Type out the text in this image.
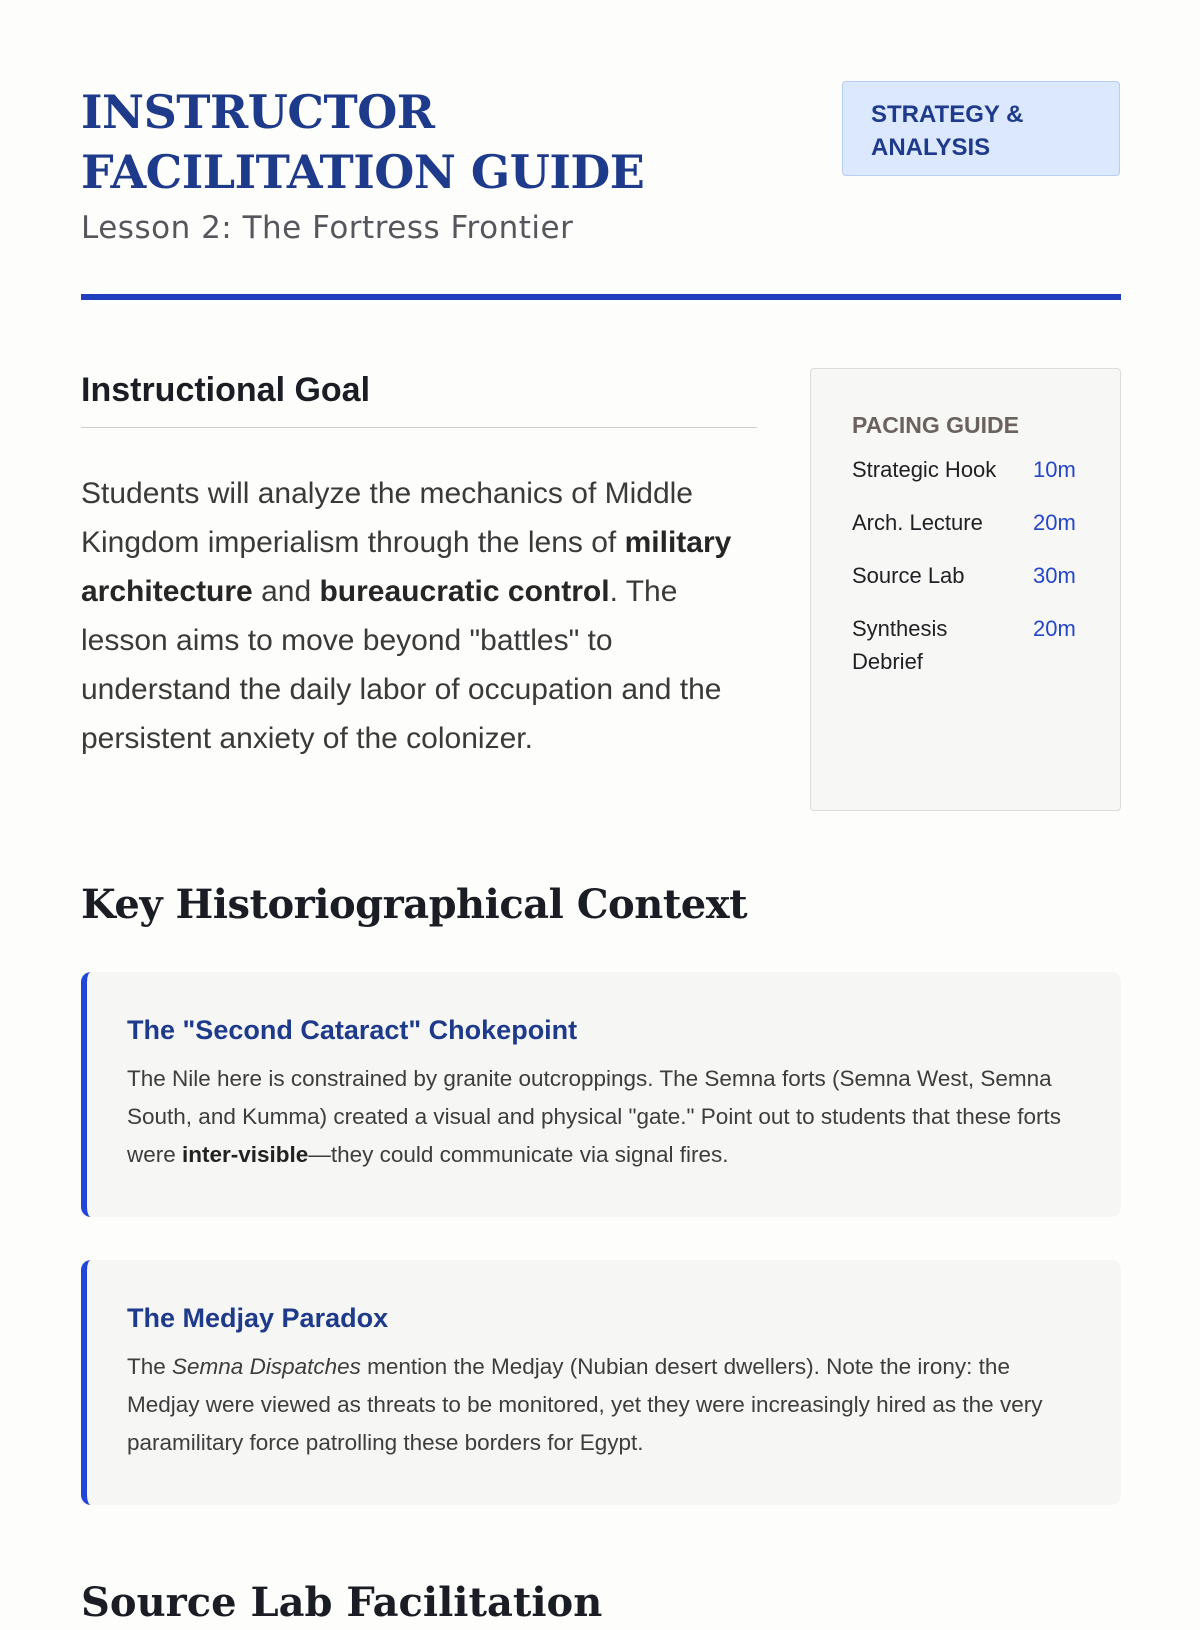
INSTRUCTOR FACILITATION GUIDE
Lesson 2: The Fortress Frontier
STRATEGY &
ANALYSIS
Instructional Goal

Students will analyze the mechanics of Middle Kingdom imperialism through the lens of military architecture and bureaucratic control. The lesson aims to move beyond "battles" to understand the daily labor of occupation and the persistent anxiety of the colonizer.

PACING GUIDE
Strategic Hook	10m
Arch. Lecture	20m
Source Lab	30m
Synthesis Debrief
20m
Key Historiographical Context
The "Second Cataract" Chokepoint

The Nile here is constrained by granite outcroppings. The Semna forts (Semna West, Semna South, and Kumma) created a visual and physical "gate." Point out to students that these forts were inter-visible—they could communicate via signal fires.

The Medjay Paradox

The Semna Dispatches mention the Medjay (Nubian desert dwellers). Note the irony: the Medjay were viewed as threats to be monitored, yet they were increasingly hired as the very paramilitary force patrolling these borders for Egypt.

Source Lab Facilitation
